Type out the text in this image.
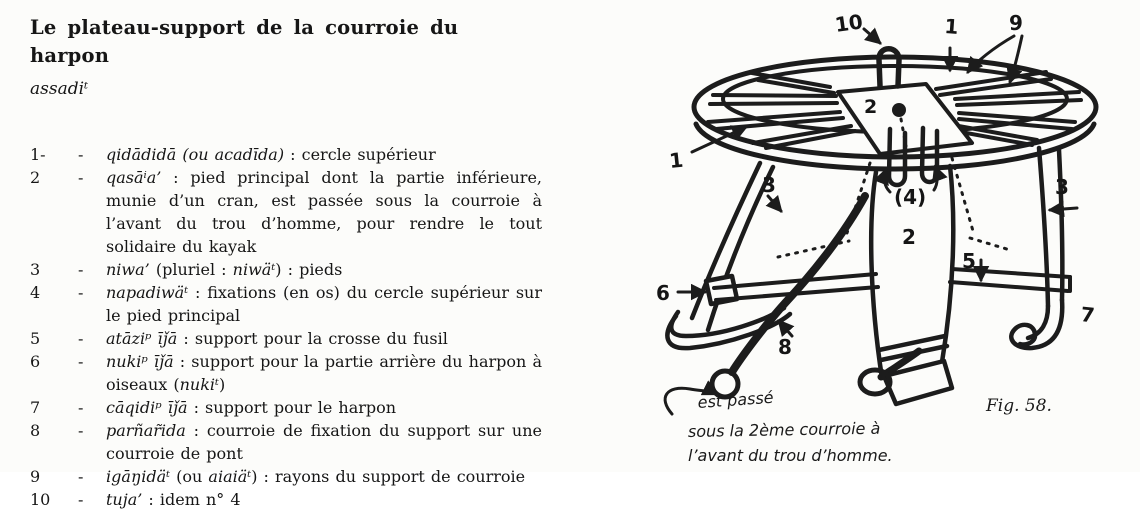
Le plateau-support de la courroie du harpon
assadiᵗ
1-	-	qidādidā (ou acadīda) : cercle supérieur
2	-	qasāⁱa’ : pied principal dont la partie inférieure, munie d’un cran, est passée sous la courroie à l’avant du trou d’homme, pour rendre le tout solidaire du kayak
3	-	niwa’ (pluriel : niwäᵗ) : pieds
4	-	napadiwäᵗ : fixations (en os) du cercle supérieur sur le pied principal
5	-	atāziᵖ īǰā : support pour la crosse du fusil
6	-	nukiᵖ īǰā : support pour la partie arrière du harpon à oiseaux (nukiᵗ)
7	-	cāqidiᵖ īǰā : support pour le harpon
8	-	parñar̃ida : courroie de fixation du support sur une courroie de pont
9	-	igāŋidäᵗ (ou aiaiäᵗ) : rayons du support de courroie
10	-	tuja’ : idem n° 4
10	1 9
1
3
2
(4)
2
3
5
6
7
8
est passé
sous la 2ème courroie à
l’avant du trou d’homme.
Fig. 58.
